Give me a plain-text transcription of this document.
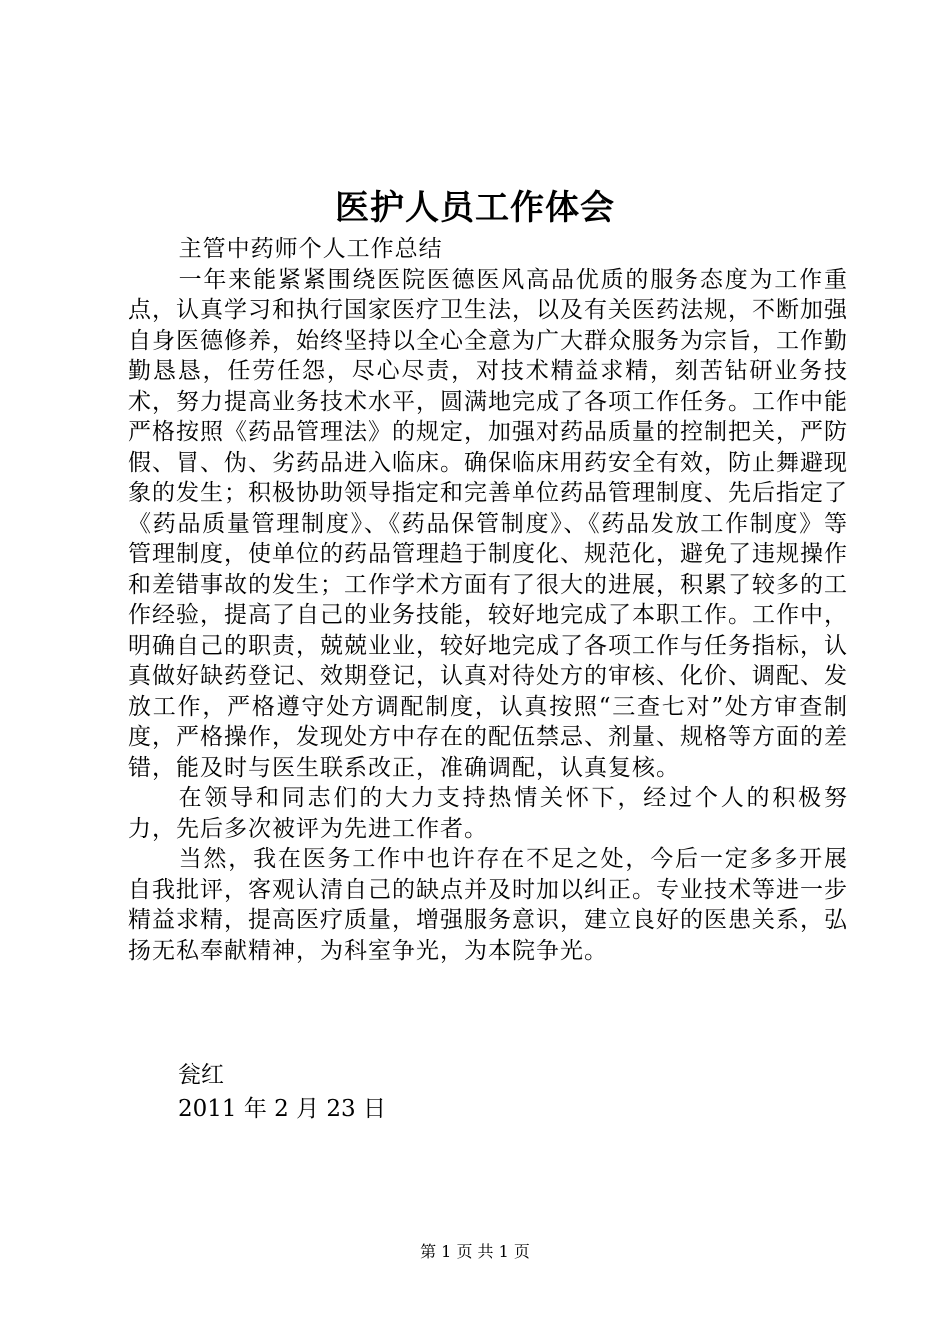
医护人员工作体会

主管中药师个人工作总结

一年来能紧紧围绕医院医德医风高品优质的服务态度为工作重点，认真学习和执行国家医疗卫生法，以及有关医药法规，不断加强自身医德修养，始终坚持以全心全意为广大群众服务为宗旨，工作勤勤恳恳，任劳任怨，尽心尽责，对技术精益求精，刻苦钻研业务技术，努力提高业务技术水平，圆满地完成了各项工作任务。工作中能严格按照《药品管理法》的规定，加强对药品质量的控制把关，严防假、冒、伪、劣药品进入临床。确保临床用药安全有效，防止舞避现象的发生；积极协助领导指定和完善单位药品管理制度、先后指定了《药品质量管理制度》、《药品保管制度》、《药品发放工作制度》等管理制度，使单位的药品管理趋于制度化、规范化，避免了违规操作和差错事故的发生；工作学术方面有了很大的进展，积累了较多的工作经验，提高了自己的业务技能，较好地完成了本职工作。工作中，明确自己的职责，兢兢业业，较好地完成了各项工作与任务指标，认真做好缺药登记、效期登记，认真对待处方的审核、化价、调配、发放工作，严格遵守处方调配制度，认真按照“三查七对”处方审查制度，严格操作，发现处方中存在的配伍禁忌、剂量、规格等方面的差错，能及时与医生联系改正，准确调配，认真复核。

在领导和同志们的大力支持热情关怀下，经过个人的积极努力，先后多次被评为先进工作者。

当然，我在医务工作中也许存在不足之处，今后一定多多开展自我批评，客观认清自己的缺点并及时加以纠正。专业技术等进一步精益求精，提高医疗质量，增强服务意识，建立良好的医患关系，弘扬无私奉献精神，为科室争光，为本院争光。

瓮红
2011 年 2 月 23 日
第 1 页 共 1 页
